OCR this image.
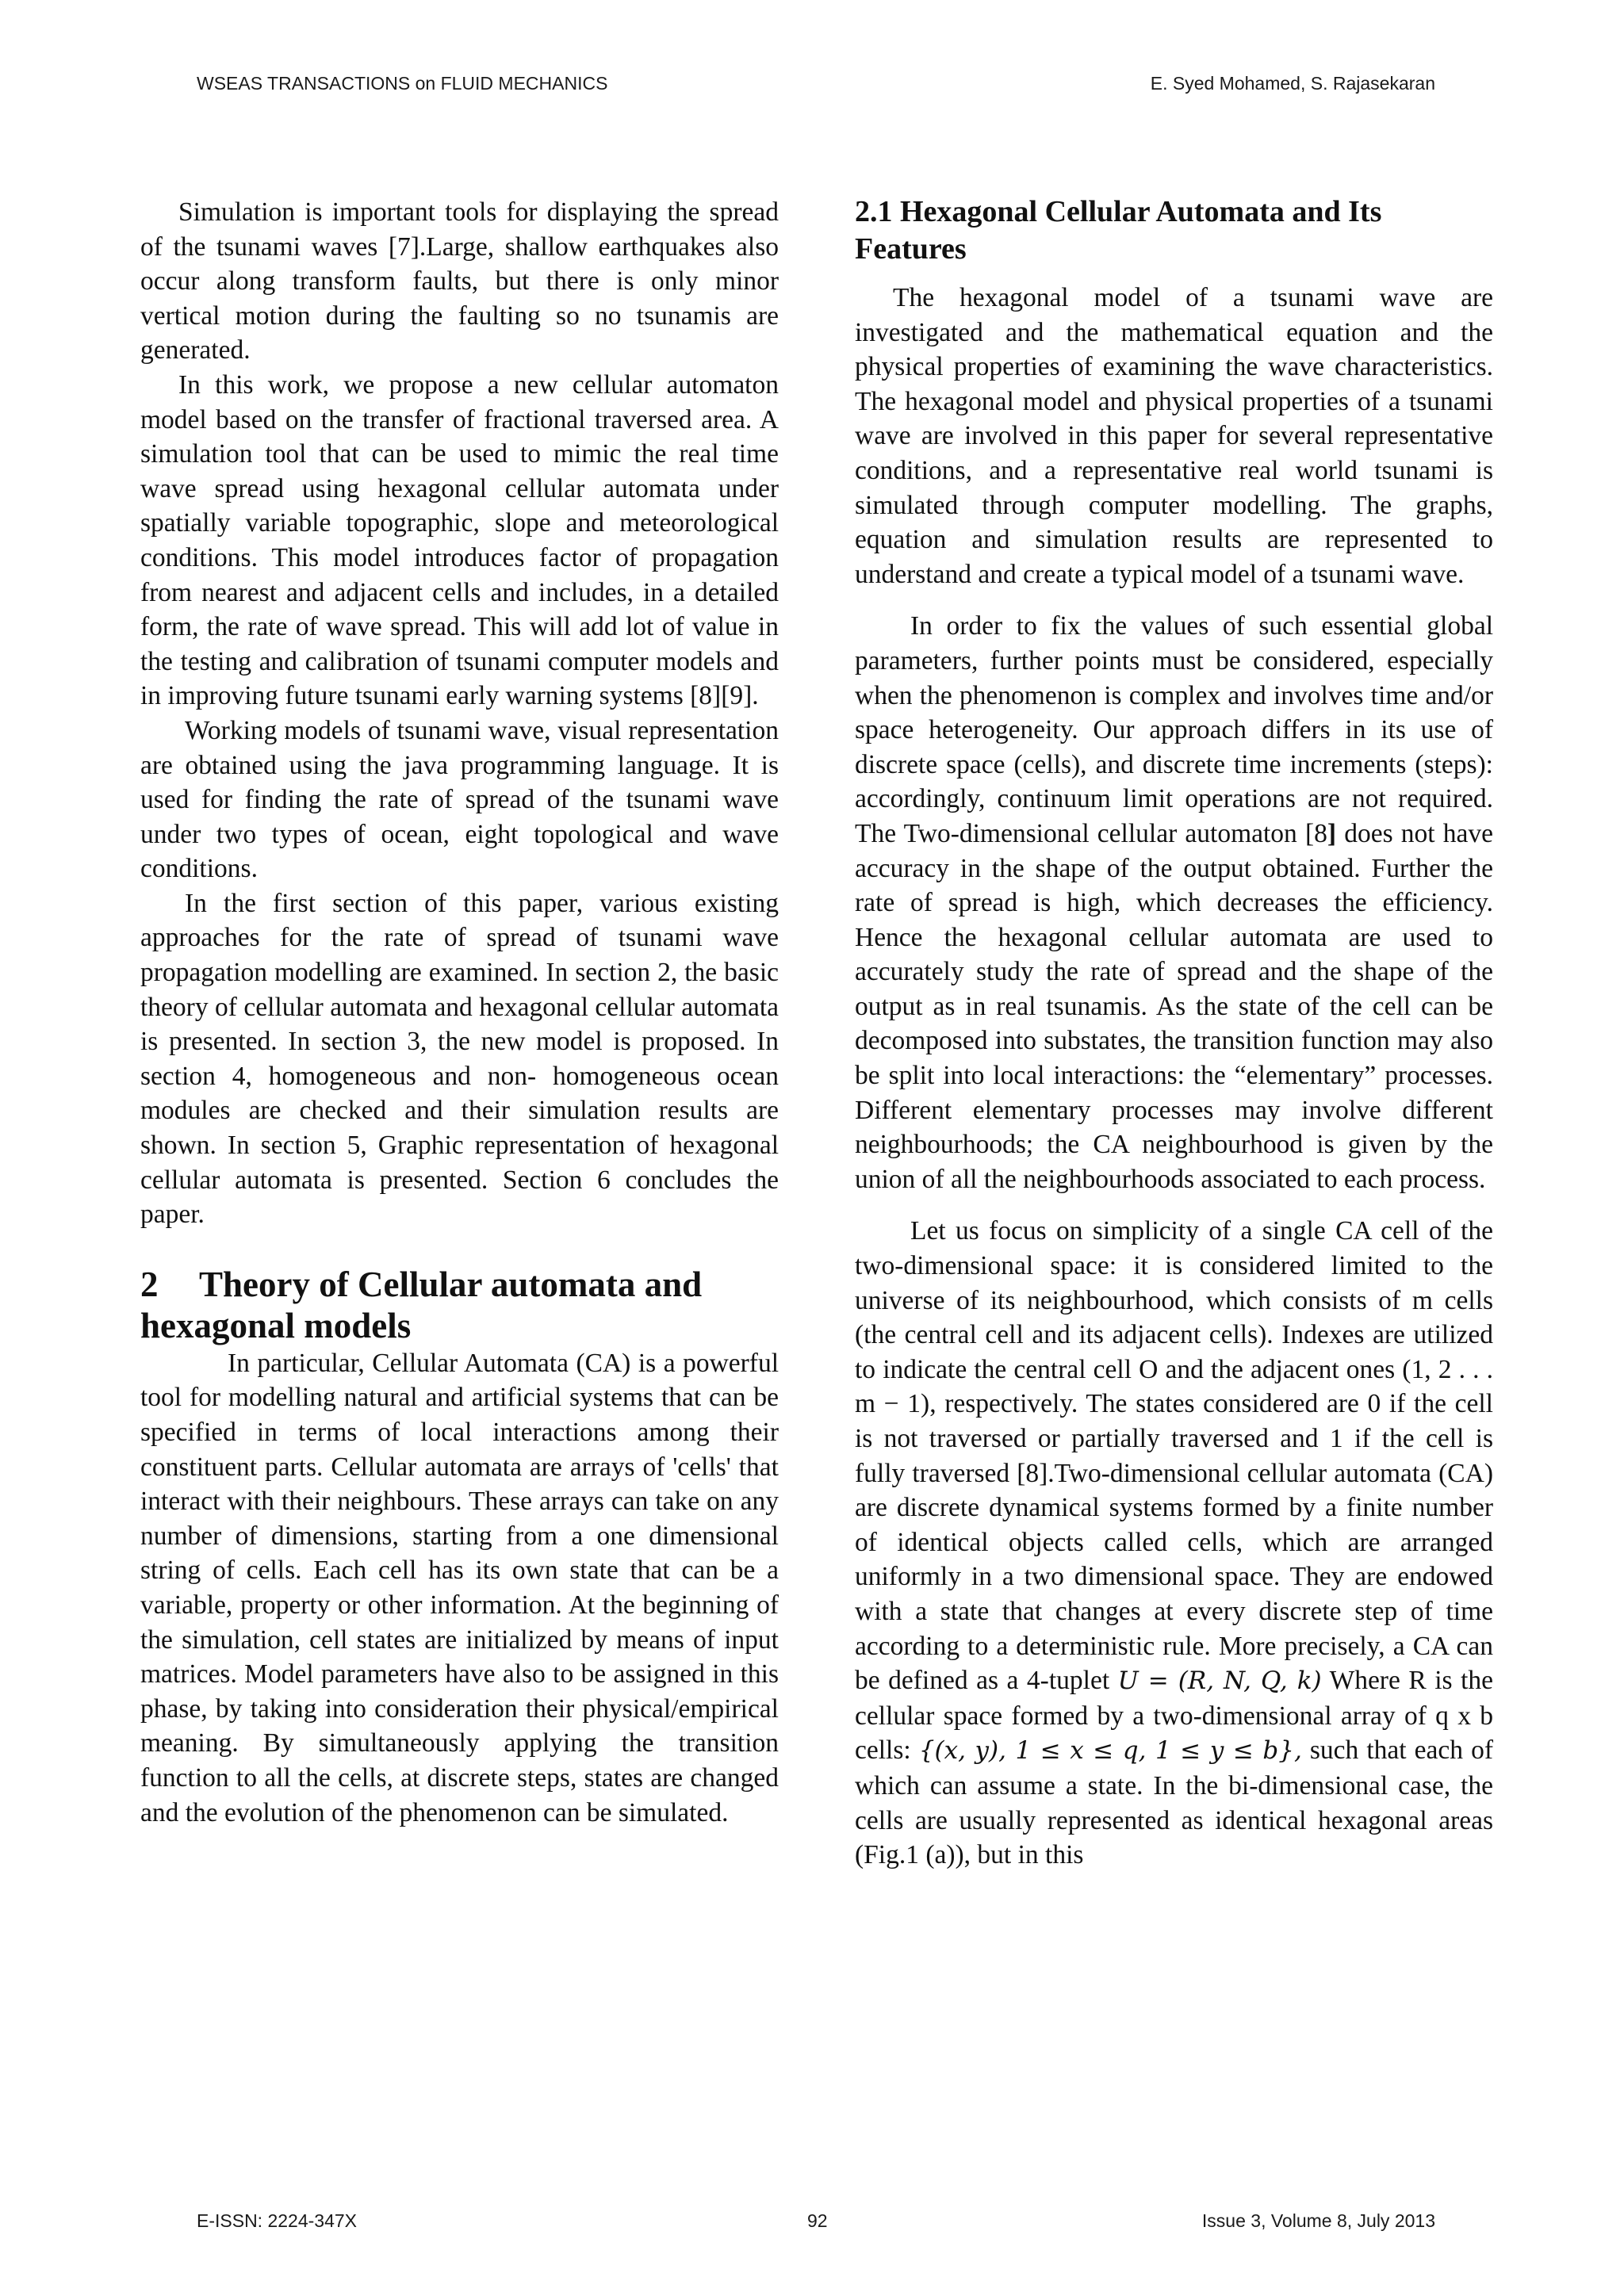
WSEAS TRANSACTIONS on FLUID MECHANICS	E. Syed Mohamed, S. Rajasekaran

Simulation is important tools for displaying the spread of the tsunami waves [7].Large, shallow earthquakes also occur along transform faults, but there is only minor vertical motion during the faulting so no tsunamis are generated.

In this work, we propose a new cellular automaton model based on the transfer of fractional traversed area. A simulation tool that can be used to mimic the real time wave spread using hexagonal cellular automata under spatially variable topographic, slope and meteorological conditions. This model introduces factor of propagation from nearest and adjacent cells and includes, in a detailed form, the rate of wave spread. This will add lot of value in the testing and calibration of tsunami computer models and in improving future tsunami early warning systems [8][9].

Working models of tsunami wave, visual representation are obtained using the java programming language. It is used for finding the rate of spread of the tsunami wave under two types of ocean, eight topological and wave conditions.

In the first section of this paper, various existing approaches for the rate of spread of tsunami wave propagation modelling are examined. In section 2, the basic theory of cellular automata and hexagonal cellular automata is presented. In section 3, the new model is proposed. In section 4, homogeneous and non- homogeneous ocean modules are checked and their simulation results are shown. In section 5, Graphic representation of hexagonal cellular automata is presented. Section 6 concludes the paper.

2 Theory of Cellular automata and hexagonal models

In particular, Cellular Automata (CA) is a powerful tool for modelling natural and artificial systems that can be specified in terms of local interactions among their constituent parts. Cellular automata are arrays of 'cells' that interact with their neighbours. These arrays can take on any number of dimensions, starting from a one dimensional string of cells. Each cell has its own state that can be a variable, property or other information. At the beginning of the simulation, cell states are initialized by means of input matrices. Model parameters have also to be assigned in this phase, by taking into consideration their physical/empirical meaning. By simultaneously applying the transition function to all the cells, at discrete steps, states are changed and the evolution of the phenomenon can be simulated.

2.1 Hexagonal Cellular Automata and Its Features

The hexagonal model of a tsunami wave are investigated and the mathematical equation and the physical properties of examining the wave characteristics. The hexagonal model and physical properties of a tsunami wave are involved in this paper for several representative conditions, and a representative real world tsunami is simulated through computer modelling. The graphs, equation and simulation results are represented to understand and create a typical model of a tsunami wave.

In order to fix the values of such essential global parameters, further points must be considered, especially when the phenomenon is complex and involves time and/or space heterogeneity. Our approach differs in its use of discrete space (cells), and discrete time increments (steps): accordingly, continuum limit operations are not required. The Two-dimensional cellular automaton [8] does not have accuracy in the shape of the output obtained. Further the rate of spread is high, which decreases the efficiency. Hence the hexagonal cellular automata are used to accurately study the rate of spread and the shape of the output as in real tsunamis. As the state of the cell can be decomposed into substates, the transition function may also be split into local interactions: the “elementary” processes. Different elementary processes may involve different neighbourhoods; the CA neighbourhood is given by the union of all the neighbourhoods associated to each process.

Let us focus on simplicity of a single CA cell of the two-dimensional space: it is considered limited to the universe of its neighbourhood, which consists of m cells (the central cell and its adjacent cells). Indexes are utilized to indicate the central cell O and the adjacent ones (1, 2 . . . m − 1), respectively. The states considered are 0 if the cell is not traversed or partially traversed and 1 if the cell is fully traversed [8].Two-dimensional cellular automata (CA) are discrete dynamical systems formed by a finite number of identical objects called cells, which are arranged uniformly in a two dimensional space. They are endowed with a state that changes at every discrete step of time according to a deterministic rule. More precisely, a CA can be defined as a 4-tuplet U = (R, N, Q, k) Where R is the cellular space formed by a two-dimensional array of q x b cells: {(x, y), 1 ≤ x ≤ q, 1 ≤ y ≤ b}, such that each of which can assume a state. In the bi-dimensional case, the cells are usually represented as identical hexagonal areas (Fig.1 (a)), but in this

E-ISSN: 2224-347X	92	Issue 3, Volume 8, July 2013
